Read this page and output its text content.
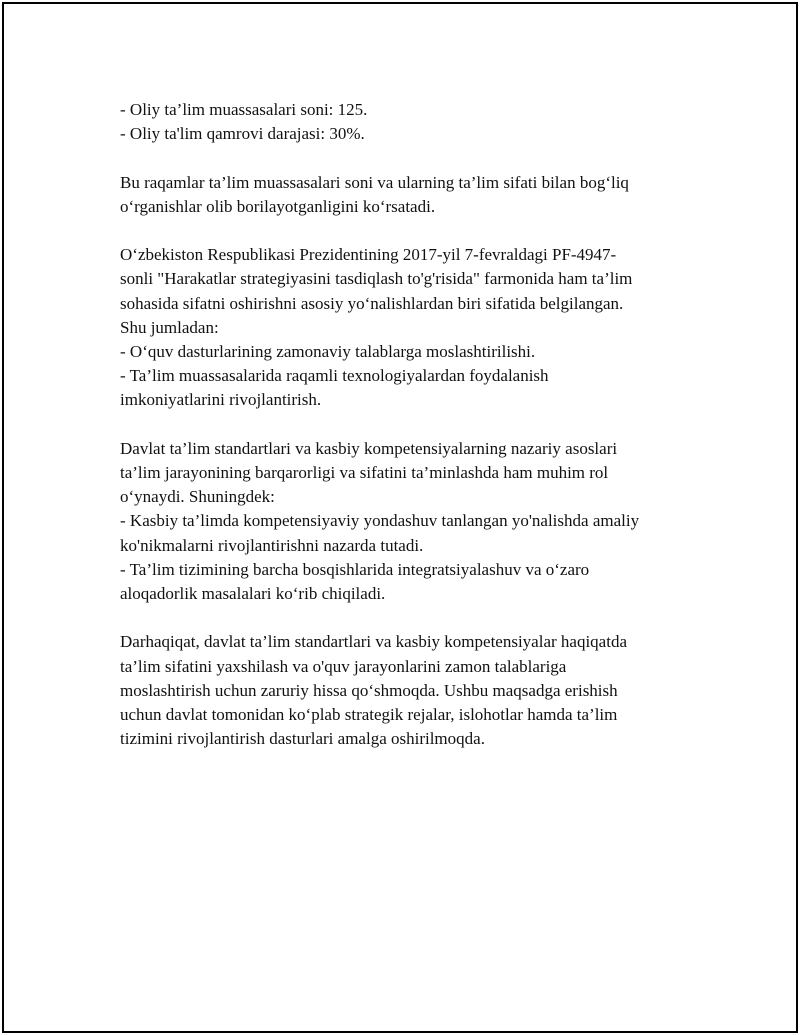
- Oliy ta’lim muassasalari soni: 125.
- Oliy ta'lim qamrovi darajasi: 30%.
Bu raqamlar ta’lim muassasalari soni va ularning ta’lim sifati bilan bog‘liq
o‘rganishlar olib borilayotganligini ko‘rsatadi.
O‘zbekiston Respublikasi Prezidentining 2017-yil 7-fevraldagi PF-4947-
sonli "Harakatlar strategiyasini tasdiqlash to'g'risida" farmonida ham ta’lim
sohasida sifatni oshirishni asosiy yo‘nalishlardan biri sifatida belgilangan.
Shu jumladan:
- O‘quv dasturlarining zamonaviy talablarga moslashtirilishi.
- Ta’lim muassasalarida raqamli texnologiyalardan foydalanish
imkoniyatlarini rivojlantirish.
Davlat ta’lim standartlari va kasbiy kompetensiyalarning nazariy asoslari
ta’lim jarayonining barqarorligi va sifatini ta’minlashda ham muhim rol
o‘ynaydi. Shuningdek:
- Kasbiy ta’limda kompetensiyaviy yondashuv tanlangan yo'nalishda amaliy
ko'nikmalarni rivojlantirishni nazarda tutadi.
- Ta’lim tizimining barcha bosqishlarida integratsiyalashuv va o‘zaro
aloqadorlik masalalari ko‘rib chiqiladi.
Darhaqiqat, davlat ta’lim standartlari va kasbiy kompetensiyalar haqiqatda
ta’lim sifatini yaxshilash va o'quv jarayonlarini zamon talablariga
moslashtirish uchun zaruriy hissa qo‘shmoqda. Ushbu maqsadga erishish
uchun davlat tomonidan ko‘plab strategik rejalar, islohotlar hamda ta’lim
tizimini rivojlantirish dasturlari amalga oshirilmoqda.
